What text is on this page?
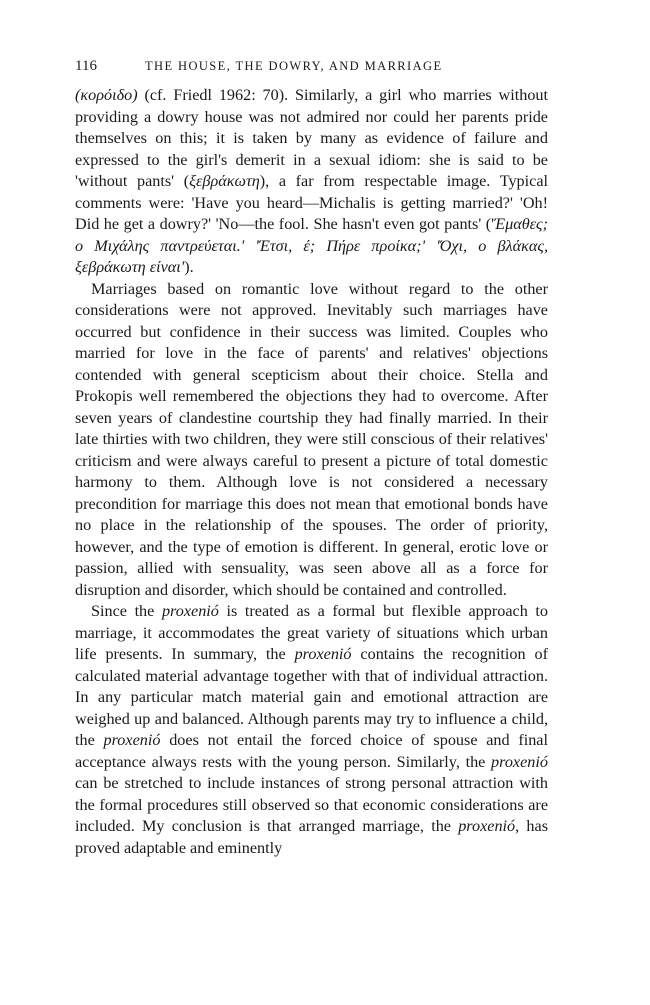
116	THE HOUSE, THE DOWRY, AND MARRIAGE

(κορόιδο) (cf. Friedl 1962: 70). Similarly, a girl who marries without providing a dowry house was not admired nor could her parents pride themselves on this; it is taken by many as evidence of failure and expressed to the girl's demerit in a sexual idiom: she is said to be 'without pants' (ξεβράκωτη), a far from respectable image. Typical comments were: 'Have you heard—Michalis is getting married?' 'Oh! Did he get a dowry?' 'No—the fool. She hasn't even got pants' ('Έμαθες; ο Μιχάλης παντρεύεται.' 'Έτσι, έ; Πήρε προίκα;' 'Όχι, ο βλάκας, ξεβράκωτη είναι').

Marriages based on romantic love without regard to the other considerations were not approved. Inevitably such marriages have occurred but confidence in their success was limited. Couples who married for love in the face of parents' and relatives' objections contended with general scepticism about their choice. Stella and Prokopis well remembered the objections they had to overcome. After seven years of clandestine courtship they had finally married. In their late thirties with two children, they were still conscious of their relatives' criticism and were always careful to present a picture of total domestic harmony to them. Although love is not considered a necessary precondition for marriage this does not mean that emotional bonds have no place in the relationship of the spouses. The order of priority, however, and the type of emotion is different. In general, erotic love or passion, allied with sensuality, was seen above all as a force for disruption and disorder, which should be contained and controlled.

Since the proxenió is treated as a formal but flexible approach to marriage, it accommodates the great variety of situations which urban life presents. In summary, the proxenió contains the recognition of calculated material advantage together with that of individual attraction. In any particular match material gain and emotional attraction are weighed up and balanced. Although parents may try to influence a child, the proxenió does not entail the forced choice of spouse and final acceptance always rests with the young person. Similarly, the proxenió can be stretched to include instances of strong personal attraction with the formal procedures still observed so that economic considerations are included. My conclusion is that arranged marriage, the proxenió, has proved adaptable and eminently
